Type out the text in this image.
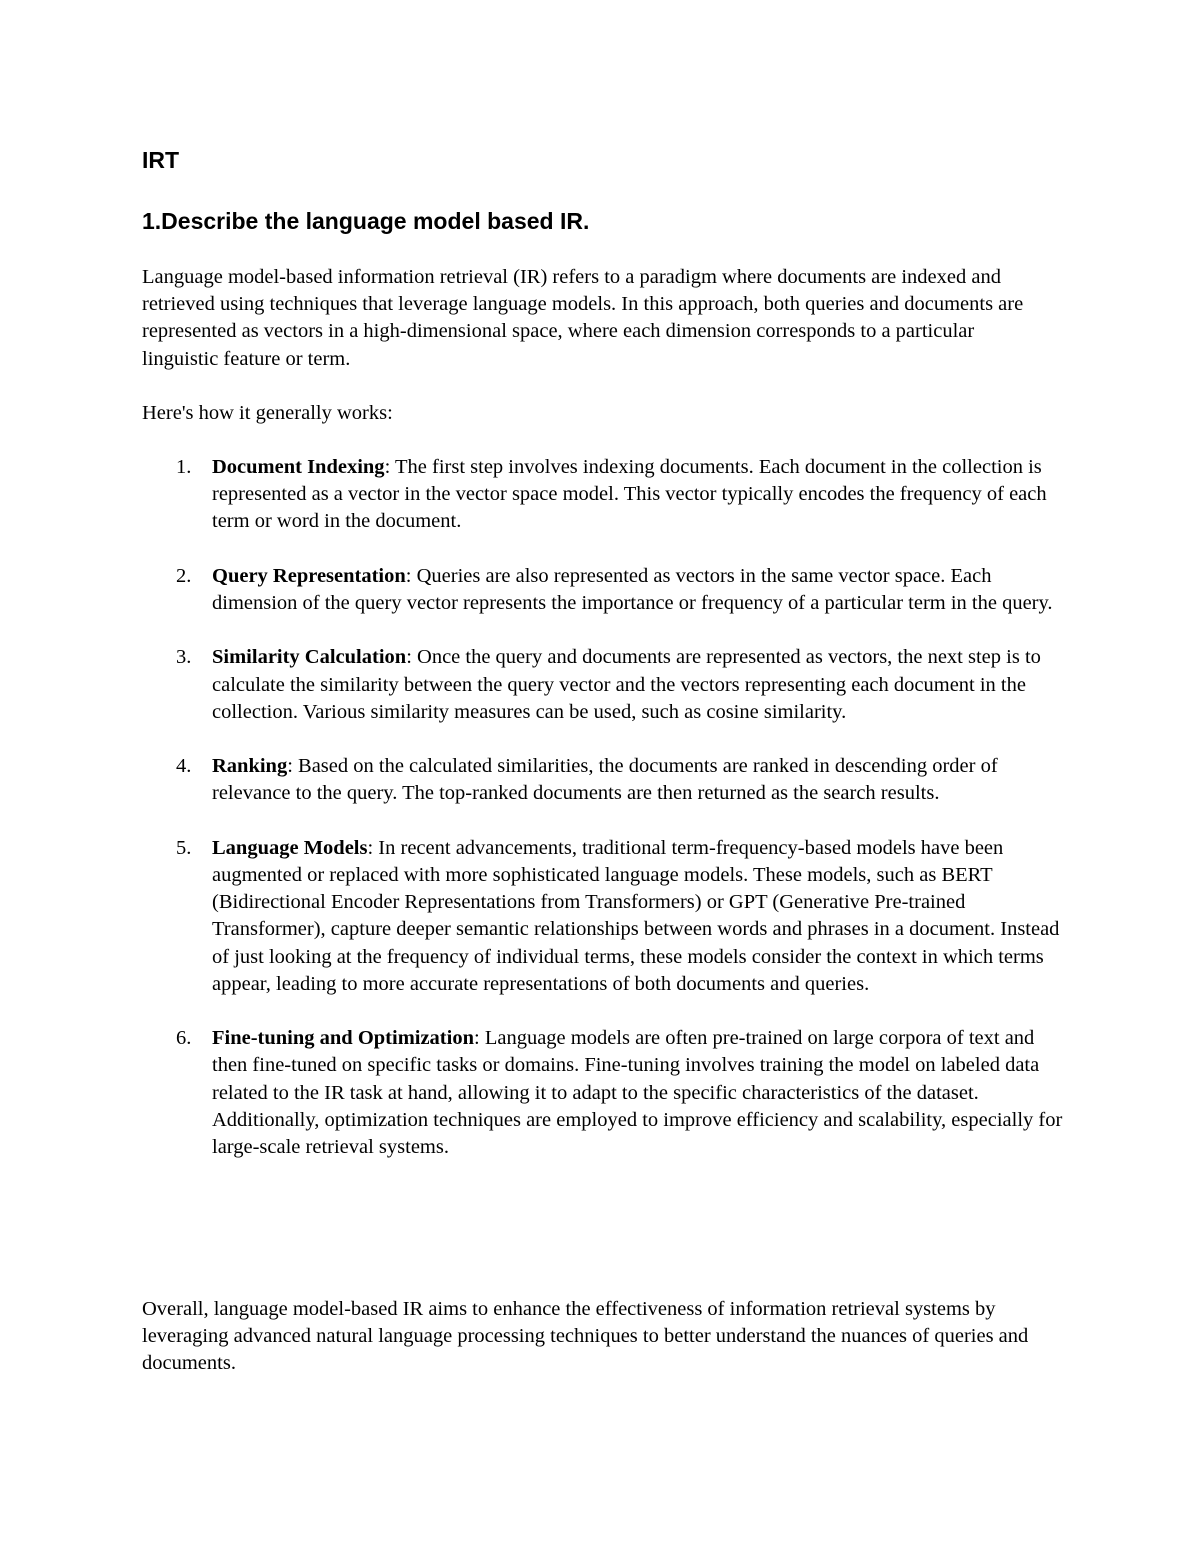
IRT
1.Describe the language model based IR.

Language model-based information retrieval (IR) refers to a paradigm where documents are indexed and retrieved using techniques that leverage language models. In this approach, both queries and documents are represented as vectors in a high-dimensional space, where each dimension corresponds to a particular linguistic feature or term.

Here's how it generally works:

1. Document Indexing: The first step involves indexing documents. Each document in the collection is represented as a vector in the vector space model. This vector typically encodes the frequency of each term or word in the document.
2. Query Representation: Queries are also represented as vectors in the same vector space. Each dimension of the query vector represents the importance or frequency of a particular term in the query.
3. Similarity Calculation: Once the query and documents are represented as vectors, the next step is to calculate the similarity between the query vector and the vectors representing each document in the collection. Various similarity measures can be used, such as cosine similarity.
4. Ranking: Based on the calculated similarities, the documents are ranked in descending order of relevance to the query. The top-ranked documents are then returned as the search results.
5. Language Models: In recent advancements, traditional term-frequency-based models have been augmented or replaced with more sophisticated language models. These models, such as BERT (Bidirectional Encoder Representations from Transformers) or GPT (Generative Pre-trained Transformer), capture deeper semantic relationships between words and phrases in a document. Instead of just looking at the frequency of individual terms, these models consider the context in which terms appear, leading to more accurate representations of both documents and queries.
6. Fine-tuning and Optimization: Language models are often pre-trained on large corpora of text and then fine-tuned on specific tasks or domains. Fine-tuning involves training the model on labeled data related to the IR task at hand, allowing it to adapt to the specific characteristics of the dataset. Additionally, optimization techniques are employed to improve efficiency and scalability, especially for large-scale retrieval systems.

Overall, language model-based IR aims to enhance the effectiveness of information retrieval systems by leveraging advanced natural language processing techniques to better understand the nuances of queries and documents.
